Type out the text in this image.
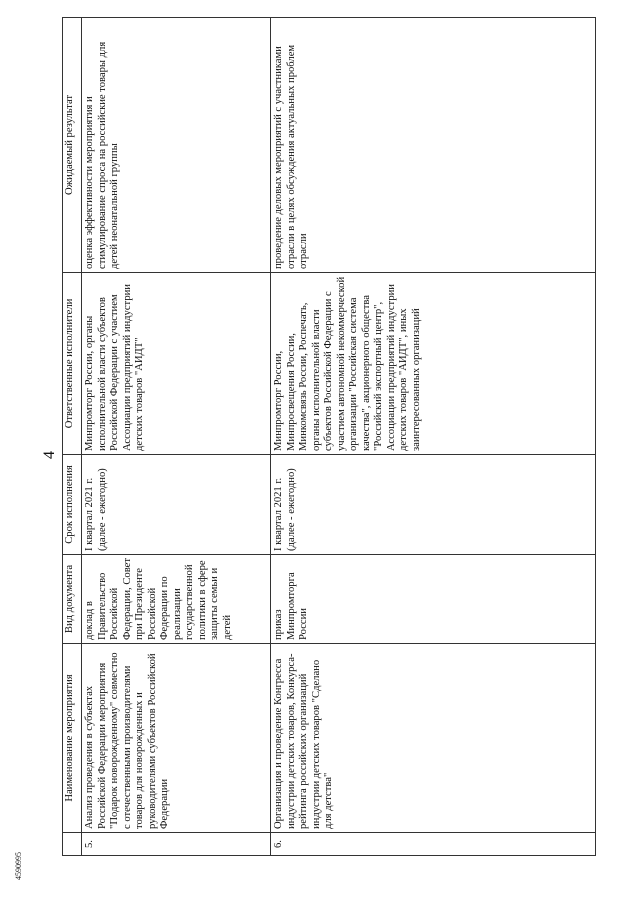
4
	Наименование мероприятия	Вид документа	Срок исполнения	Ответственные исполнители	Ожидаемый результат
5.	Анализ проведения в субъектах Российской Федерации мероприятия "Подарок новорожденному" совместно с отечественными производителями товаров для новорожденных и руководителями субъектов Российской Федерации	доклад в Правительство Российской Федерации, Совет при Президенте Российской Федерации по реализации государственной политики в сфере защиты семьи и детей	I квартал 2021 г. (далее - ежегодно)	Минпромторг России, органы исполнительной власти субъектов Российской Федерации с участием Ассоциации предприятий индустрии детских товаров "АИДТ"	оценка эффективности мероприятия и стимулирование спроса на российские товары для детей неонатальной группы
6.	Организация и проведение Конгресса индустрии детских товаров, Конкурса-рейтинга российских организаций индустрии детских товаров "Сделано для детства"	приказ Минпромторга России	I квартал 2021 г. (далее - ежегодно)	Минпромторг России, Минпросвещения России, Минкомсвязь России, Роспечать, органы исполнительной власти субъектов Российской Федерации с участием автономной некоммерческой организации "Российская система качества", акционерного общества "Российский экспортный центр", Ассоциации предприятий индустрии детских товаров "АИДТ", иных заинтересованных организаций	проведение деловых мероприятий с участниками отрасли в целях обсуждения актуальных проблем отрасли
4590995
